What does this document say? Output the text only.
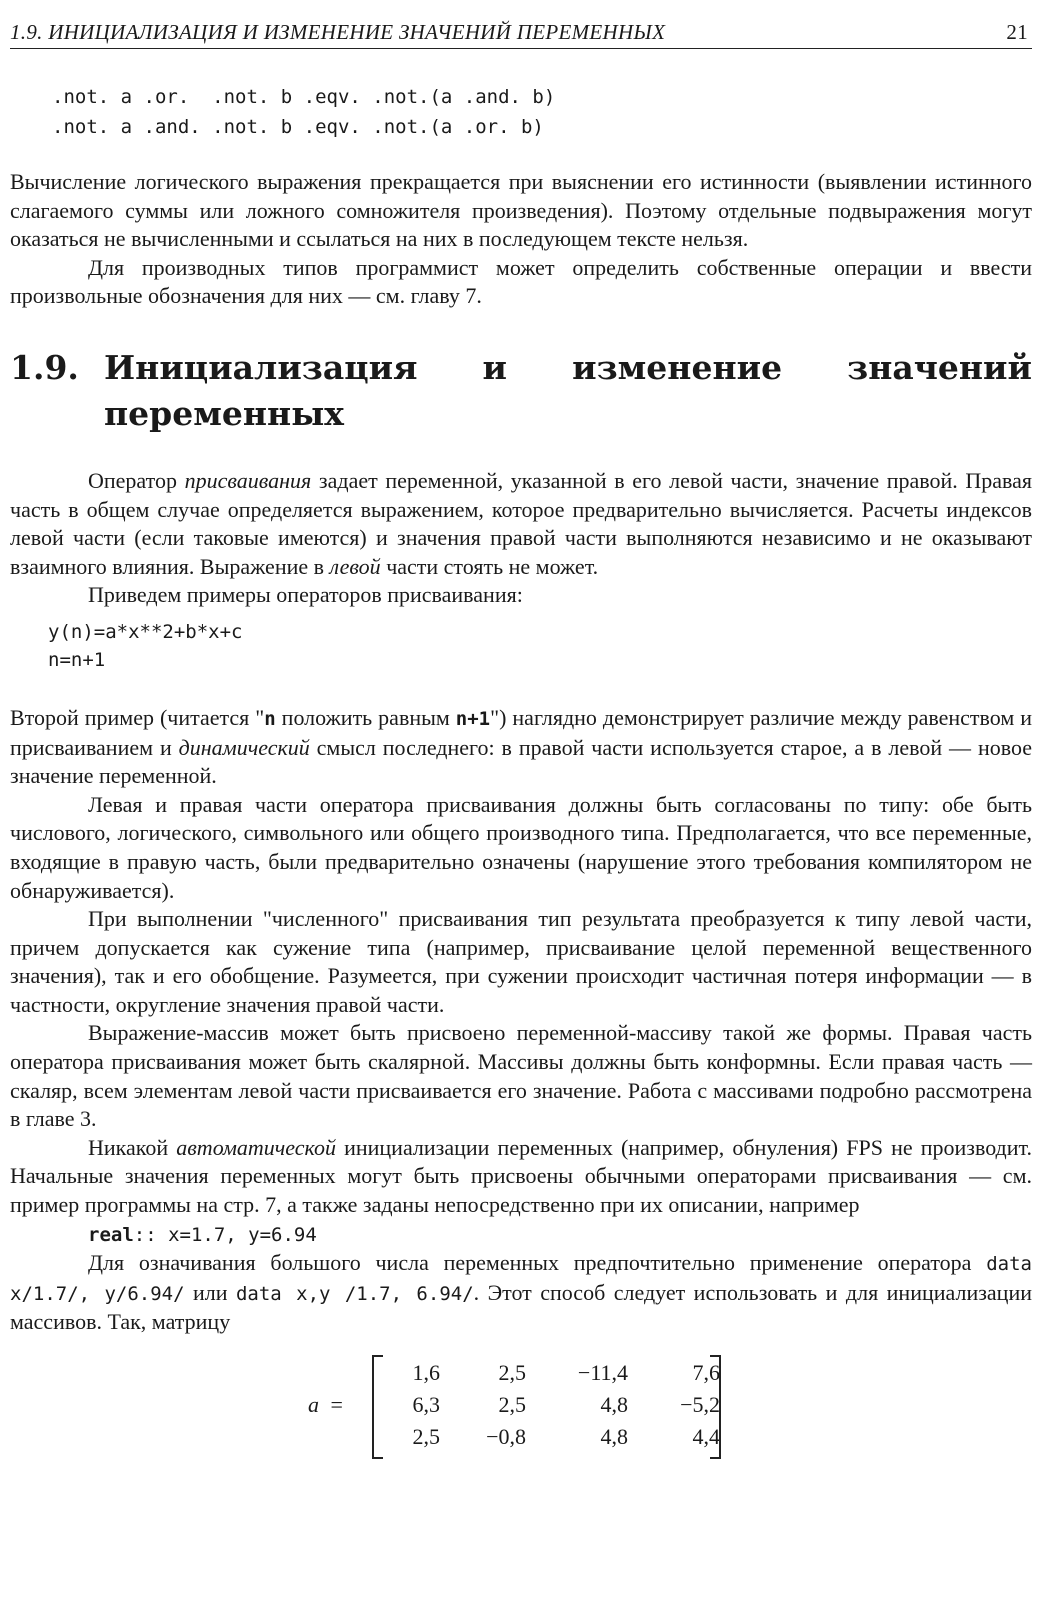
1.9. ИНИЦИАЛИЗАЦИЯ И ИЗМЕНЕНИЕ ЗНАЧЕНИЙ ПЕРЕМЕННЫХ	21
.not. a .or.  .not. b .eqv. .not.(a .and. b)
.not. a .and. .not. b .eqv. .not.(a .or. b)

Вычисление логического выражения прекращается при выяснении его истинности (выявлении истинного слагаемого суммы или ложного сомножителя произведения). Поэтому отдельные подвыражения могут оказаться не вычисленными и ссылаться на них в последующем тексте нельзя.

Для производных типов программист может определить собственные операции и ввести произвольные обозначения для них — см. главу 7.

1.9. Инициализация и изменение значений переменных

Оператор присваивания задает переменной, указанной в его левой части, значение правой. Правая часть в общем случае определяется выражением, которое предварительно вычисляется. Расчеты индексов левой части (если таковые имеются) и значения правой части выполняются независимо и не оказывают взаимного влияния. Выражение в левой части стоять не может.

Приведем примеры операторов присваивания:

y(n)=a*x**2+b*x+c
n=n+1

Второй пример (читается "n положить равным n+1") наглядно демонстрирует различие между равенством и присваиванием и динамический смысл последнего: в правой части используется старое, а в левой — новое значение переменной.

Левая и правая части оператора присваивания должны быть согласованы по типу: обе быть числового, логического, символьного или общего производного типа. Предполагается, что все переменные, входящие в правую часть, были предварительно означены (нарушение этого требования компилятором не обнаруживается).

При выполнении "численного" присваивания тип результата преобразуется к типу левой части, причем допускается как сужение типа (например, присваивание целой переменной вещественного значения), так и его обобщение. Разумеется, при сужении происходит частичная потеря информации — в частности, округление значения правой части.

Выражение-массив может быть присвоено переменной-массиву такой же формы. Правая часть оператора присваивания может быть скалярной. Массивы должны быть конформны. Если правая часть — скаляр, всем элементам левой части присваивается его значение. Работа с массивами подробно рассмотрена в главе 3.

Никакой автоматической инициализации переменных (например, обнуления) FPS не производит. Начальные значения переменных могут быть присвоены обычными операторами присваивания — см. пример программы на стр. 7, а также заданы непосредственно при их описании, например

real:: x=1.7, y=6.94

Для означивания большого числа переменных предпочтительно применение оператора data x/1.7/, y/6.94/ или data x,y /1.7, 6.94/. Этот способ следует использовать и для инициализации массивов. Так, матрицу

a =
1,6	2,5	−11,4	7,6
6,3	2,5	4,8	−5,2
2,5	−0,8	4,8	4,4
